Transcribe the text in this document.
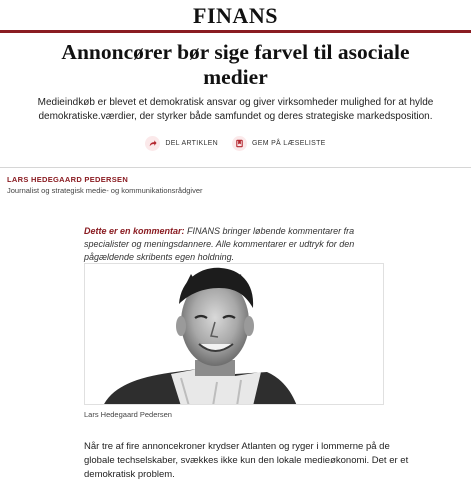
FINANS
Annoncører bør sige farvel til asociale medier

Medieindkøb er blevet et demokratisk ansvar og giver virksomheder mulighed for at hylde demokratiske.værdier, der styrker både samfundet og deres strategiske markedsposition.

DEL ARTIKLEN	GEM PÅ LÆSELISTE
LARS HEDEGAARD PEDERSEN
Journalist og strategisk medie- og kommunikationsrådgiver

Dette er en kommentar: FINANS bringer løbende kommentarer fra specialister og meningsdannere. Alle kommentarer er udtryk for den pågældende skribents egen holdning.

Lars Hedegaard Pedersen

Når tre af fire annoncekroner krydser Atlanten og ryger i lommerne på de globale techselskaber, svækkes ikke kun den lokale medieøkonomi. Det er et demokratisk problem.
